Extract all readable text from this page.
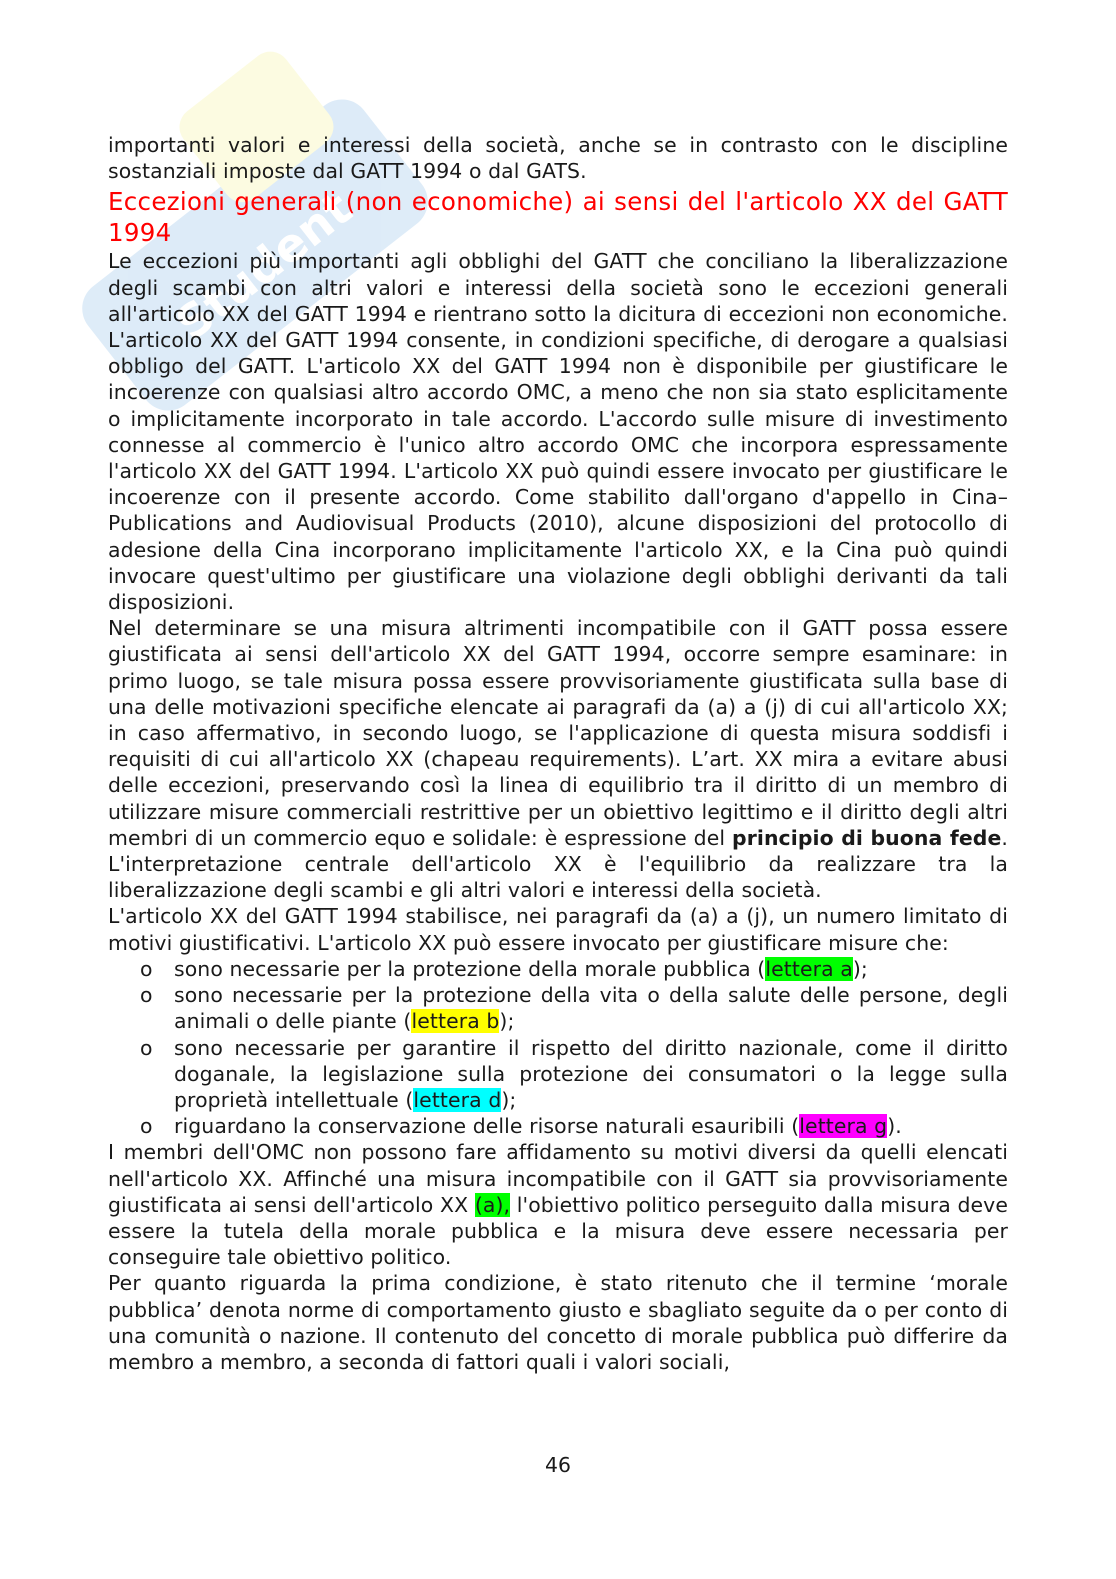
Student

importanti valori e interessi della società, anche se in contrasto con le discipline sostanziali imposte dal GATT 1994 o dal GATS.

Eccezioni generali (non economiche) ai sensi del l'articolo XX del GATT 1994

Le eccezioni più importanti agli obblighi del GATT che conciliano la liberalizzazione degli scambi con altri valori e interessi della società sono le eccezioni generali all'articolo XX del GATT 1994 e rientrano sotto la dicitura di eccezioni non economiche. L'articolo XX del GATT 1994 consente, in condizioni specifiche, di derogare a qualsiasi obbligo del GATT. L'articolo XX del GATT 1994 non è disponibile per giustificare le incoerenze con qualsiasi altro accordo OMC, a meno che non sia stato esplicitamente o implicitamente incorporato in tale accordo. L'accordo sulle misure di investimento connesse al commercio è l'unico altro accordo OMC che incorpora espressamente l'articolo XX del GATT 1994. L'articolo XX può quindi essere invocato per giustificare le incoerenze con il presente accordo. Come stabilito dall'organo d'appello in Cina–Publications and Audiovisual Products (2010), alcune disposizioni del protocollo di adesione della Cina incorporano implicitamente l'articolo XX, e la Cina può quindi invocare quest'ultimo per giustificare una violazione degli obblighi derivanti da tali disposizioni.

Nel determinare se una misura altrimenti incompatibile con il GATT possa essere giustificata ai sensi dell'articolo XX del GATT 1994, occorre sempre esaminare: in primo luogo, se tale misura possa essere provvisoriamente giustificata sulla base di una delle motivazioni specifiche elencate ai paragrafi da (a) a (j) di cui all'articolo XX; in caso affermativo, in secondo luogo, se l'applicazione di questa misura soddisfi i requisiti di cui all'articolo XX (chapeau requirements). L’art. XX mira a evitare abusi delle eccezioni, preservando così la linea di equilibrio tra il diritto di un membro di utilizzare misure commerciali restrittive per un obiettivo legittimo e il diritto degli altri membri di un commercio equo e solidale: è espressione del principio di buona fede. L'interpretazione centrale dell'articolo XX è l'equilibrio da realizzare tra la liberalizzazione degli scambi e gli altri valori e interessi della società.

L'articolo XX del GATT 1994 stabilisce, nei paragrafi da (a) a (j), un numero limitato di motivi giustificativi. L'articolo XX può essere invocato per giustificare misure che:

o sono necessarie per la protezione della morale pubblica (lettera a);
o sono necessarie per la protezione della vita o della salute delle persone, degli animali o delle piante (lettera b);
o sono necessarie per garantire il rispetto del diritto nazionale, come il diritto doganale, la legislazione sulla protezione dei consumatori o la legge sulla proprietà intellettuale (lettera d);
o riguardano la conservazione delle risorse naturali esauribili (lettera g).

I membri dell'OMC non possono fare affidamento su motivi diversi da quelli elencati nell'articolo XX. Affinché una misura incompatibile con il GATT sia provvisoriamente giustificata ai sensi dell'articolo XX (a), l'obiettivo politico perseguito dalla misura deve essere la tutela della morale pubblica e la misura deve essere necessaria per conseguire tale obiettivo politico.

Per quanto riguarda la prima condizione, è stato ritenuto che il termine ‘morale pubblica’ denota norme di comportamento giusto e sbagliato seguite da o per conto di una comunità o nazione. Il contenuto del concetto di morale pubblica può differire da membro a membro, a seconda di fattori quali i valori sociali,

46
